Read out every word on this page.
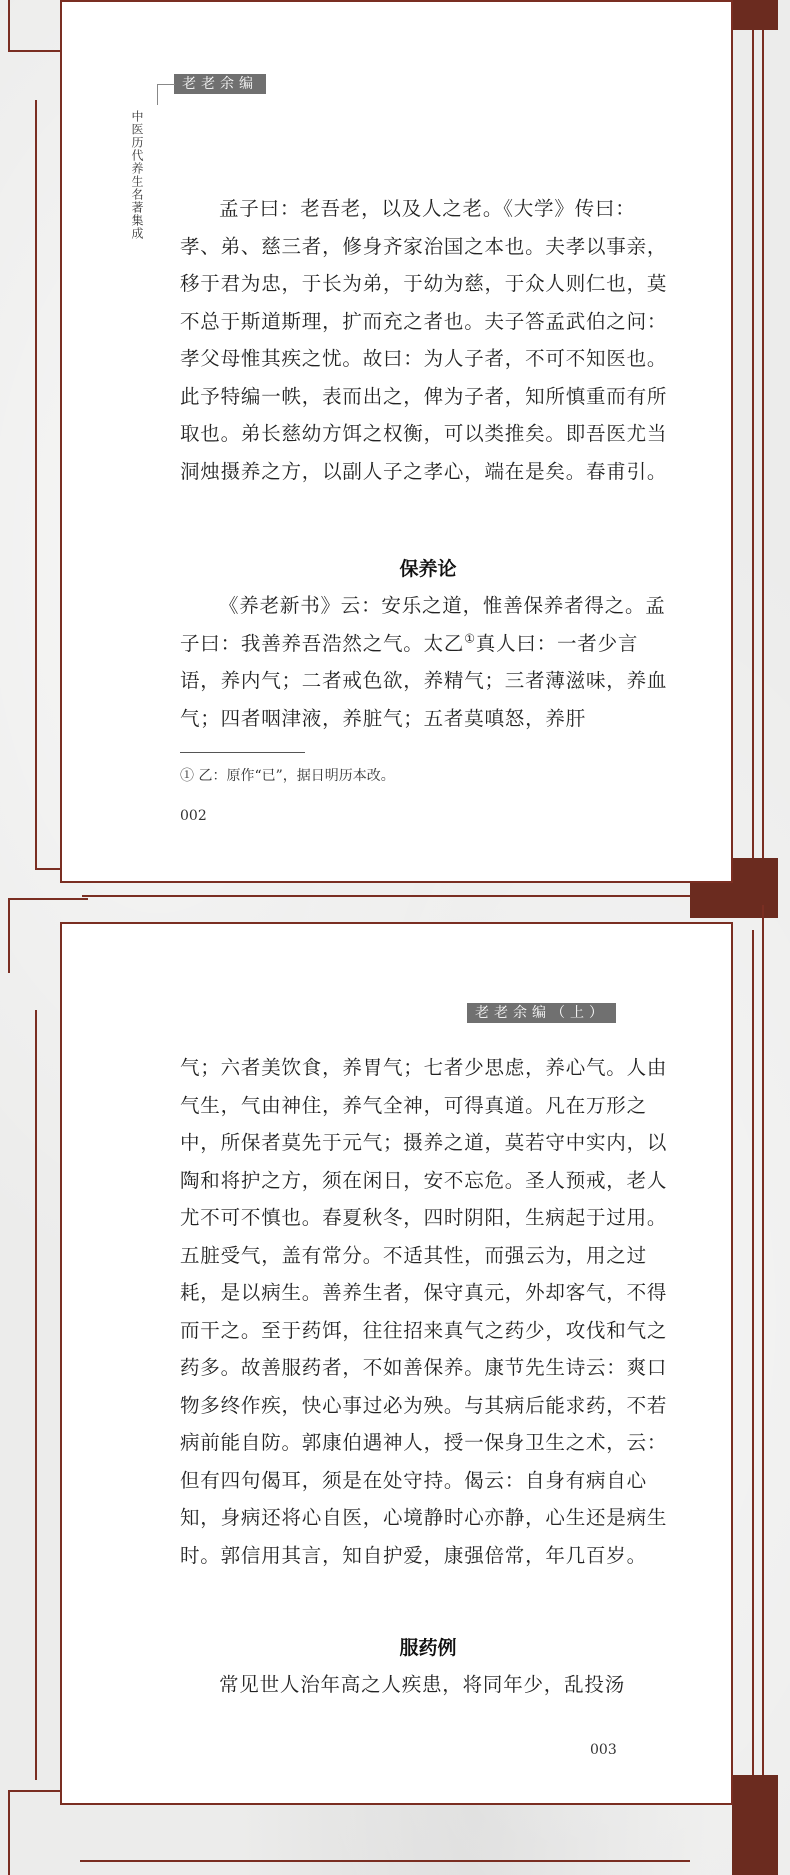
老老余编
中医历代养生名著集成	孟子曰：老吾老，以及人之老。《大学》传曰：孝、弟、慈三者，修身齐家治国之本也。夫孝以事亲，移于君为忠，于长为弟，于幼为慈，于众人则仁也，莫不总于斯道斯理，扩而充之者也。夫子答孟武伯之问：孝父母惟其疾之忧。故曰：为人子者，不可不知医也。此予特编一帙，表而出之，俾为子者，知所慎重而有所取也。弟长慈幼方饵之权衡，可以类推矣。即吾医尤当洞烛摄养之方，以副人子之孝心，端在是矣。春甫引。

保养论

《养老新书》云：安乐之道，惟善保养者得之。孟子曰：我善养吾浩然之气。太乙①真人曰：一者少言语，养内气；二者戒色欲，养精气；三者薄滋味，养血气；四者咽津液，养脏气；五者莫嗔怒，养肝

① 乙：原作“已”，据日明历本改。
002
老老余编（上）

气；六者美饮食，养胃气；七者少思虑，养心气。人由气生，气由神住，养气全神，可得真道。凡在万形之中，所保者莫先于元气；摄养之道，莫若守中实内，以陶和将护之方，须在闲日，安不忘危。圣人预戒，老人尤不可不慎也。春夏秋冬，四时阴阳，生病起于过用。五脏受气，盖有常分。不适其性，而强云为，用之过耗，是以病生。善养生者，保守真元，外却客气，不得而干之。至于药饵，往往招来真气之药少，攻伐和气之药多。故善服药者，不如善保养。康节先生诗云：爽口物多终作疾，快心事过必为殃。与其病后能求药，不若病前能自防。郭康伯遇神人，授一保身卫生之术，云：但有四句偈耳，须是在处守持。偈云：自身有病自心知，身病还将心自医，心境静时心亦静，心生还是病生时。郭信用其言，知自护爱，康强倍常，年几百岁。

服药例

常见世人治年高之人疾患，将同年少，乱投汤

003
